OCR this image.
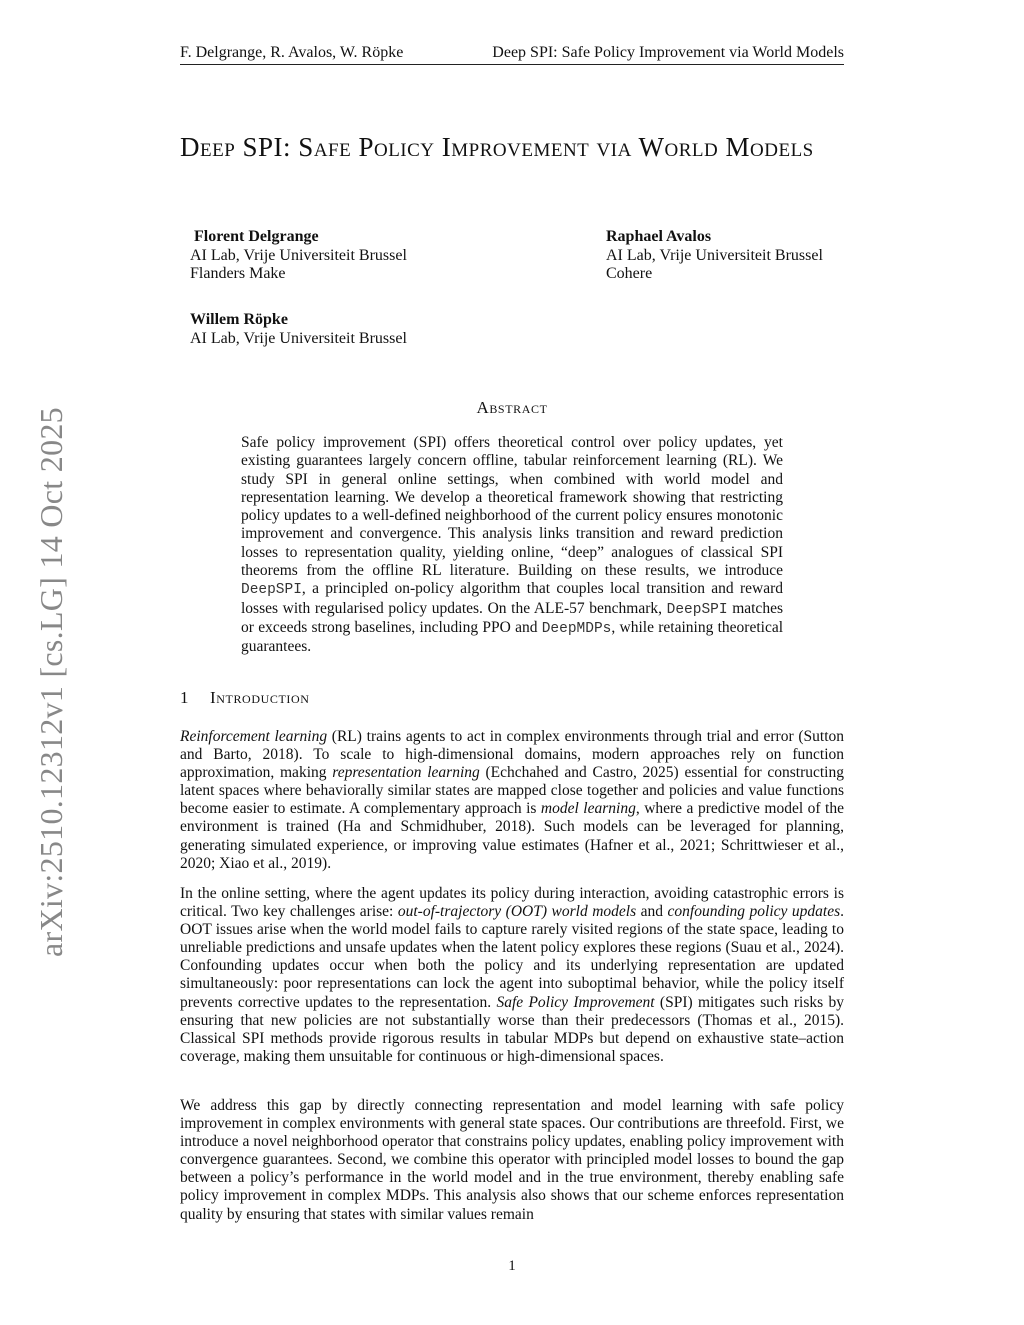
F. Delgrange, R. Avalos, W. Röpke	Deep SPI: Safe Policy Improvement via World Models
arXiv:2510.12312v1 [cs.LG] 14 Oct 2025
Deep SPI: Safe Policy Improvement via World Models
Florent Delgrange
AI Lab, Vrije Universiteit Brussel
Flanders Make
Raphael Avalos
AI Lab, Vrije Universiteit Brussel
Cohere
Willem Röpke
AI Lab, Vrije Universiteit Brussel
Abstract

Safe policy improvement (SPI) offers theoretical control over policy updates, yet existing guarantees largely concern offline, tabular reinforcement learning (RL). We study SPI in general online settings, when combined with world model and representation learning. We develop a theoretical framework showing that restricting policy updates to a well-defined neighborhood of the current policy ensures monotonic improvement and convergence. This analysis links transition and reward prediction losses to representation quality, yielding online, “deep” analogues of classical SPI theorems from the offline RL literature. Building on these results, we introduce DeepSPI, a principled on-policy algorithm that couples local transition and reward losses with regularised policy updates. On the ALE-57 benchmark, DeepSPI matches or exceeds strong baselines, including PPO and DeepMDPs, while retaining theoretical guarantees.

1 Introduction

Reinforcement learning (RL) trains agents to act in complex environments through trial and error (Sutton and Barto, 2018). To scale to high-dimensional domains, modern approaches rely on function approximation, making representation learning (Echchahed and Castro, 2025) essential for constructing latent spaces where behaviorally similar states are mapped close together and policies and value functions become easier to estimate. A complementary approach is model learning, where a predictive model of the environment is trained (Ha and Schmidhuber, 2018). Such models can be leveraged for planning, generating simulated experience, or improving value estimates (Hafner et al., 2021; Schrittwieser et al., 2020; Xiao et al., 2019).

In the online setting, where the agent updates its policy during interaction, avoiding catastrophic errors is critical. Two key challenges arise: out-of-trajectory (OOT) world models and confounding policy updates. OOT issues arise when the world model fails to capture rarely visited regions of the state space, leading to unreliable predictions and unsafe updates when the latent policy explores these regions (Suau et al., 2024). Confounding updates occur when both the policy and its underlying representation are updated simultaneously: poor representations can lock the agent into suboptimal behavior, while the policy itself prevents corrective updates to the representation. Safe Policy Improvement (SPI) mitigates such risks by ensuring that new policies are not substantially worse than their predecessors (Thomas et al., 2015). Classical SPI methods provide rigorous results in tabular MDPs but depend on exhaustive state–action coverage, making them unsuitable for continuous or high-dimensional spaces.

We address this gap by directly connecting representation and model learning with safe policy improvement in complex environments with general state spaces. Our contributions are threefold. First, we introduce a novel neighborhood operator that constrains policy updates, enabling policy improvement with convergence guarantees. Second, we combine this operator with principled model losses to bound the gap between a policy’s performance in the world model and in the true environment, thereby enabling safe policy improvement in complex MDPs. This analysis also shows that our scheme enforces representation quality by ensuring that states with similar values remain

1
